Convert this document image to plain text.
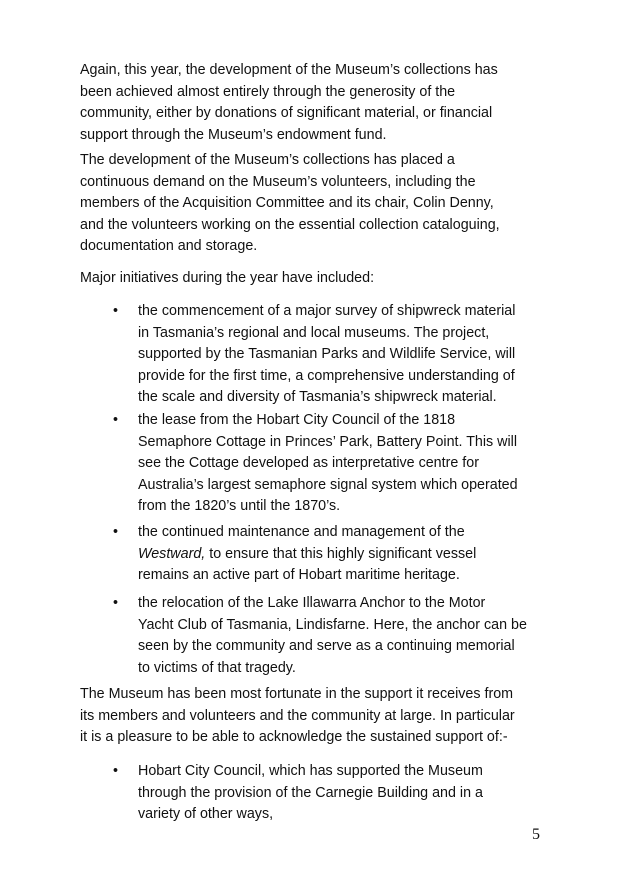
Again, this year, the development of the Museum’s collections has
been achieved almost entirely through the generosity of the
community, either by donations of significant material, or financial
support through the Museum’s endowment fund.

The development of the Museum’s collections has placed a
continuous demand on the Museum’s volunteers, including the
members of the Acquisition Committee and its chair, Colin Denny,
and the volunteers working on the essential collection cataloguing,
documentation and storage.

Major initiatives during the year have included:

• the commencement of a major survey of shipwreck material
in Tasmania’s regional and local museums. The project,
supported by the Tasmanian Parks and Wildlife Service, will
provide for the first time, a comprehensive understanding of
the scale and diversity of Tasmania’s shipwreck material.

• the lease from the Hobart City Council of the 1818
Semaphore Cottage in Princes’ Park, Battery Point. This will
see the Cottage developed as interpretative centre for
Australia’s largest semaphore signal system which operated
from the 1820’s until the 1870’s.

• the continued maintenance and management of the
Westward, to ensure that this highly significant vessel
remains an active part of Hobart maritime heritage.

• the relocation of the Lake Illawarra Anchor to the Motor
Yacht Club of Tasmania, Lindisfarne. Here, the anchor can be
seen by the community and serve as a continuing memorial
to victims of that tragedy.

The Museum has been most fortunate in the support it receives from
its members and volunteers and the community at large. In particular
it is a pleasure to be able to acknowledge the sustained support of:-

• Hobart City Council, which has supported the Museum
through the provision of the Carnegie Building and in a
variety of other ways,

5
